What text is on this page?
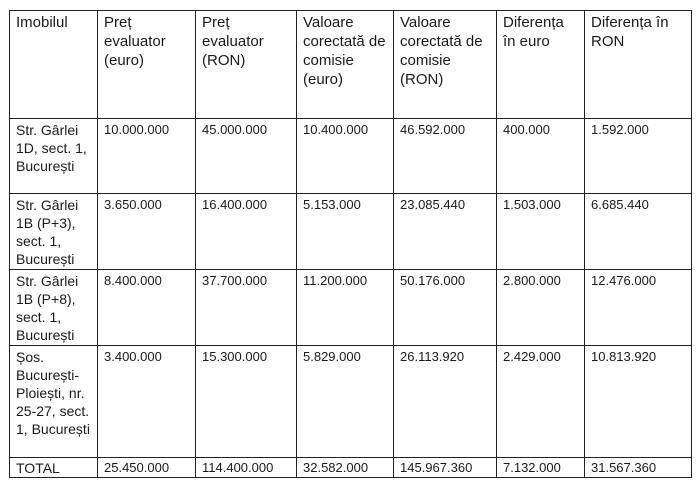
Imobilul	Preț evaluator (euro)	Preț evaluator (RON)	Valoare corectată de comisie (euro)	Valoare corectată de comisie (RON)	Diferența în euro	Diferența în RON
Str. Gârlei 1D, sect. 1, București	10.000.000	45.000.000	10.400.000	46.592.000	400.000	1.592.000
Str. Gârlei 1B (P+3), sect. 1, București	3.650.000	16.400.000	5.153.000	23.085.440	1.503.000	6.685.440
Str. Gârlei 1B (P+8), sect. 1, București	8.400.000	37.700.000	11.200.000	50.176.000	2.800.000	12.476.000
Șos. București-Ploiești, nr. 25-27, sect. 1, București	3.400.000	15.300.000	5.829.000	26.113.920	2.429.000	10.813.920
TOTAL	25.450.000	114.400.000	32.582.000	145.967.360	7.132.000	31.567.360
